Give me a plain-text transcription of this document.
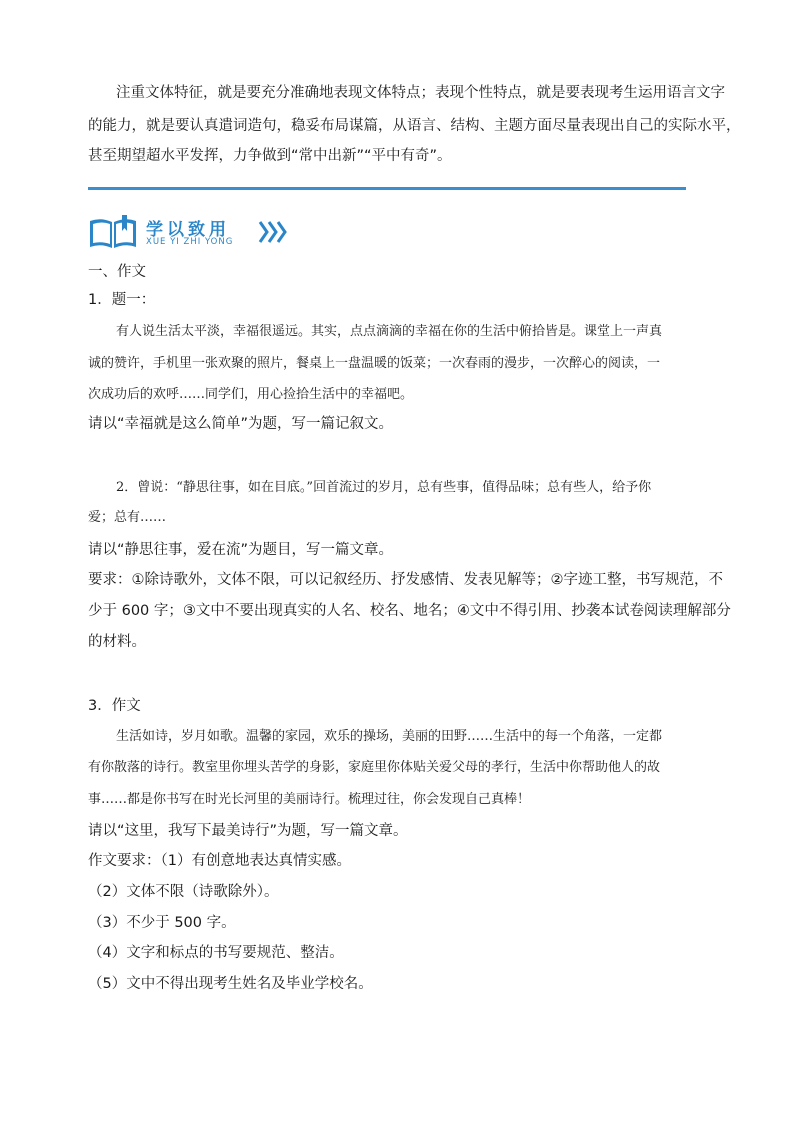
注重文体特征，就是要充分准确地表现文体特点；表现个性特点，就是要表现考生运用语言文字
的能力，就是要认真遣词造句，稳妥布局谋篇，从语言、结构、主题方面尽量表现出自己的实际水平，
甚至期望超水平发挥，力争做到“常中出新”“平中有奇”。
学以致用
XUE YI ZHI YONG
一、作文
1．题一：
有人说生活太平淡，幸福很遥远。其实，点点滴滴的幸福在你的生活中俯拾皆是。课堂上一声真
诚的赞许，手机里一张欢聚的照片，餐桌上一盘温暖的饭菜；一次春雨的漫步，一次醉心的阅读，一
次成功后的欢呼……同学们，用心捡拾生活中的幸福吧。
请以“幸福就是这么简单”为题，写一篇记叙文。
2．曾说：“静思往事，如在目底。”回首流过的岁月，总有些事，值得品味；总有些人，给予你
爱；总有……
请以“静思往事，爱在流”为题目，写一篇文章。
要求：①除诗歌外，文体不限，可以记叙经历、抒发感情、发表见解等；②字迹工整，书写规范，不
少于 600 字；③文中不要出现真实的人名、校名、地名；④文中不得引用、抄袭本试卷阅读理解部分
的材料。
3．作文
生活如诗，岁月如歌。温馨的家园，欢乐的操场，美丽的田野……生活中的每一个角落，一定都
有你散落的诗行。教室里你埋头苦学的身影，家庭里你体贴关爱父母的孝行，生活中你帮助他人的故
事……都是你书写在时光长河里的美丽诗行。梳理过往，你会发现自己真棒！
请以“这里，我写下最美诗行”为题，写一篇文章。
作文要求：（1）有创意地表达真情实感。
（2）文体不限（诗歌除外）。
（3）不少于 500 字。
（4）文字和标点的书写要规范、整洁。
（5）文中不得出现考生姓名及毕业学校名。
